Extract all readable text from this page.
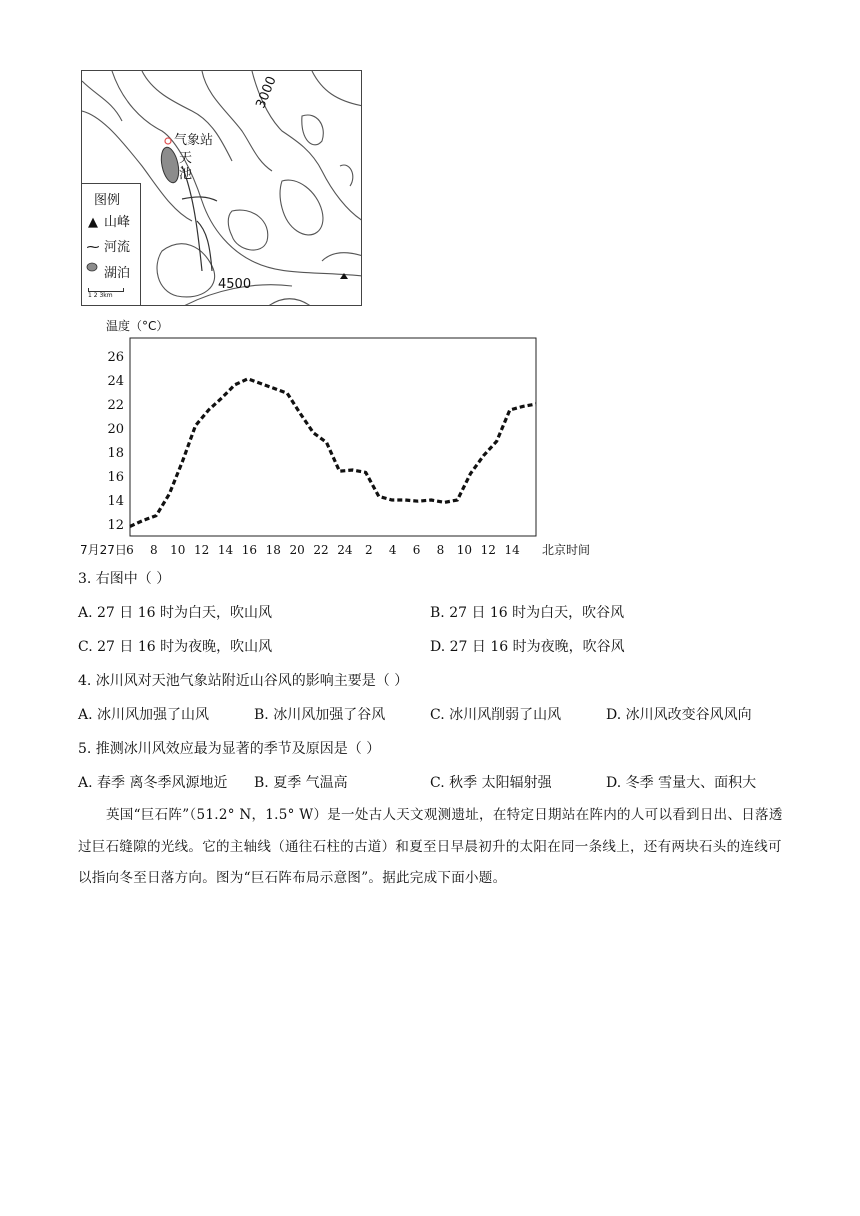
气象站
天
池
3000
4500
图例
▲ 山峰
⁓ 河流
湖泊
1 2 3km
温度（°C）
12
14
16
18
20
22
24
26
7月27日 6 8 10 12 14 16 18 20 22 24 2 4 6 8 10 12 14 北京时间
3. 右图中（ ）
A. 27 日 16 时为白天，吹山风	B. 27 日 16 时为白天，吹谷风
C. 27 日 16 时为夜晚，吹山风	D. 27 日 16 时为夜晚，吹谷风
4. 冰川风对天池气象站附近山谷风的影响主要是（ ）
A. 冰川风加强了山风	B. 冰川风加强了谷风	C. 冰川风削弱了山风	D. 冰川风改变谷风风向
5. 推测冰川风效应最为显著的季节及原因是（ ）
A. 春季 离冬季风源地近 B. 夏季 气温高	C. 秋季 太阳辐射强	D. 冬季 雪量大、面积大
英国“巨石阵”（51.2° N，1.5° W）是一处古人天文观测遗址，在特定日期站在阵内的人可以看到日出、日落透过巨石缝隙的光线。它的主轴线（通往石柱的古道）和夏至日早晨初升的太阳在同一条线上，还有两块石头的连线可以指向冬至日落方向。图为“巨石阵布局示意图”。据此完成下面小题。
